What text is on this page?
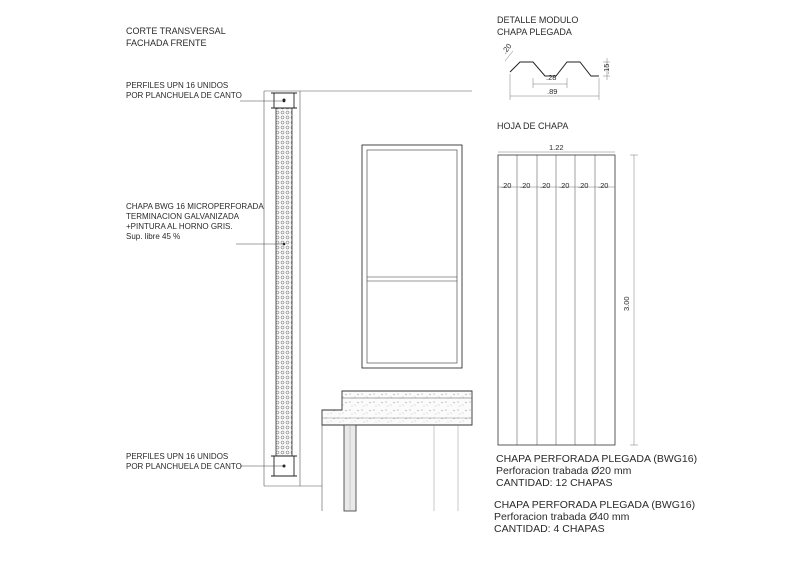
CORTE TRANSVERSAL
FACHADA FRENTE
PERFILES UPN 16 UNIDOS
POR PLANCHUELA DE CANTO
CHAPA BWG 16 MICROPERFORADA
TERMINACION GALVANIZADA
+PINTURA AL HORNO GRIS.
Sup. libre 45 %
PERFILES UPN 16 UNIDOS
POR PLANCHUELA DE CANTO
DETALLE MODULO
CHAPA PLEGADA
.20
.15
.28
.89
HOJA DE CHAPA
1.22
3.00
.20 .20 .20 .20 .20 .20
CHAPA PERFORADA PLEGADA (BWG16)
Perforacion trabada Ø20 mm
CANTIDAD: 12 CHAPAS
CHAPA PERFORADA PLEGADA (BWG16)
Perforacion trabada Ø40 mm
CANTIDAD: 4 CHAPAS
